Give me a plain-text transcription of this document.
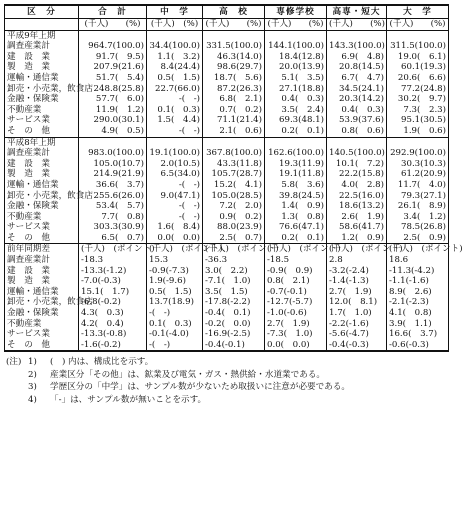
区　分	合　計	中　学	高　校	専修学校	高専・短大	大　学
	(千人)　　(%)	(千人)　(%)	(千人)　　(%)	(千人)　　(%)	(千人)　　(%)	(千人)　　(%)
平成9年上期						
調査産業計	964.7(100.0)	34.4(100.0)	331.5(100.0)	144.1(100.0)	143.3(100.0)	311.5(100.0)
建　設　業	91.7(　9.5)	1.1(　3.2)	46.3(14.0)	18.4(12.8)	6.9(　4.8)	19.0(　6.1)
製　造　業	207.9(21.6)	8.4(24.4)	98.6(29.7)	20.0(13.9)	20.8(14.5)	60.1(19.3)
運輸・通信業	51.7(　5.4)	0.5(　1.5)	18.7(　5.6)	5.1(　3.5)	6.7(　4.7)	20.6(　6.6)
卸売・小売業，飲食店	248.8(25.8)	22.7(66.0)	87.2(26.3)	27.1(18.8)	34.5(24.1)	77.2(24.8)
金融・保険業	57.7(　6.0)	-(　-)	6.8(　2.1)	0.4(　0.3)	20.3(14.2)	30.2(　9.7)
不動産業	11.9(　1.2)	0.1(　0.3)	0.7(　0.2)	3.5(　2.4)	0.4(　0.3)	7.3(　2.3)
サービス業	290.0(30.1)	1.5(　4.4)	71.1(21.4)	69.3(48.1)	53.9(37.6)	95.1(30.5)
そ　の　他	4.9(　0.5)	-(　-)	2.1(　0.6)	0.2(　0.1)	0.8(　0.6)	1.9(　0.6)
平成8年上期						
調査産業計	983.0(100.0)	19.1(100.0)	367.8(100.0)	162.6(100.0)	140.5(100.0)	292.9(100.0)
建　設　業	105.0(10.7)	2.0(10.5)	43.3(11.8)	19.3(11.9)	10.1(　7.2)	30.3(10.3)
製　造　業	214.9(21.9)	6.5(34.0)	105.7(28.7)	19.1(11.8)	22.2(15.8)	61.2(20.9)
運輸・通信業	36.6(　3.7)	-(　-)	15.2(　4.1)	5.8(　3.6)	4.0(　2.8)	11.7(　4.0)
卸売・小売業，飲食店	255.6(26.0)	9.0(47.1)	105.0(28.5)	39.8(24.5)	22.5(16.0)	79.3(27.1)
金融・保険業	53.4(　5.7)	-(　-)	7.2(　2.0)	1.4(　0.9)	18.6(13.2)	26.1(　8.9)
不動産業	7.7(　0.8)	-(　-)	0.9(　0.2)	1.3(　0.8)	2.6(　1.9)	3.4(　1.2)
サービス業	303.3(30.9)	1.6(　8.4)	88.0(23.9)	76.6(47.1)	58.6(41.7)	78.5(26.8)
そ　の　他	6.5(　0.7)	0.0(　0.0)	2.5(　0.7)	0.2(　0.1)	1.2(　0.9)	2.5(　0.9)
前年同期差	(千人)　(ポイント)	(千人)　(ポイント)	(千人)　(ポイント)	(千人)　(ポイント)	(千人)　(ポイント)	(千人)　(ポイント)
調査産業計	-18.3	15.3	-36.3	-18.5	2.8	18.6
建　設　業	-13.3(-1.2)	-0.9(-7.3)	3.0(　2.2)	-0.9(　0.9)	-3.2(-2.4)	-11.3(-4.2)
製　造　業	-7.0(-0.3)	1.9(-9.6)	-7.1(　1.0)	0.8(　2.1)	-1.4(-1.3)	-1.1(-1.6)
運輸・通信業	15.1(　1.7)	0.5(　1.5)	3.5(　1.5)	-0.7(-0.1)	2.7(　1.9)	8.9(　2.6)
卸売・小売業，飲食店	-6.8(-0.2)	13.7(18.9)	-17.8(-2.2)	-12.7(-5.7)	12.0(　8.1)	-2.1(-2.3)
金融・保険業	4.3(　0.3)	-(　-)	-0.4(　0.1)	-1.0(-0.6)	1.7(　1.0)	4.1(　0.8)
不動産業	4.2(　0.4)	0.1(　0.3)	-0.2(　0.0)	2.7(　1.9)	-2.2(-1.6)	3.9(　1.1)
サービス業	-13.3(-0.8)	-0.1(-4.0)	-16.9(-2.5)	-7.3(　1.0)	-5.6(-4.7)	16.6(　3.7)
そ　の　他	-1.6(-0.2)	-(　-)	-0.4(-0.1)	0.0(　0.0)	-0.4(-0.3)	-0.6(-0.3)
(注) 1) (　) 内は、構成比を示す。
2) 産業区分「その他」は、鉱業及び電気・ガス・熱供給・水道業である。
3) 学歴区分の「中学」は、サンプル数が少ないため取扱いに注意が必要である。
4) 「-」は、サンプル数が無いことを示す。
